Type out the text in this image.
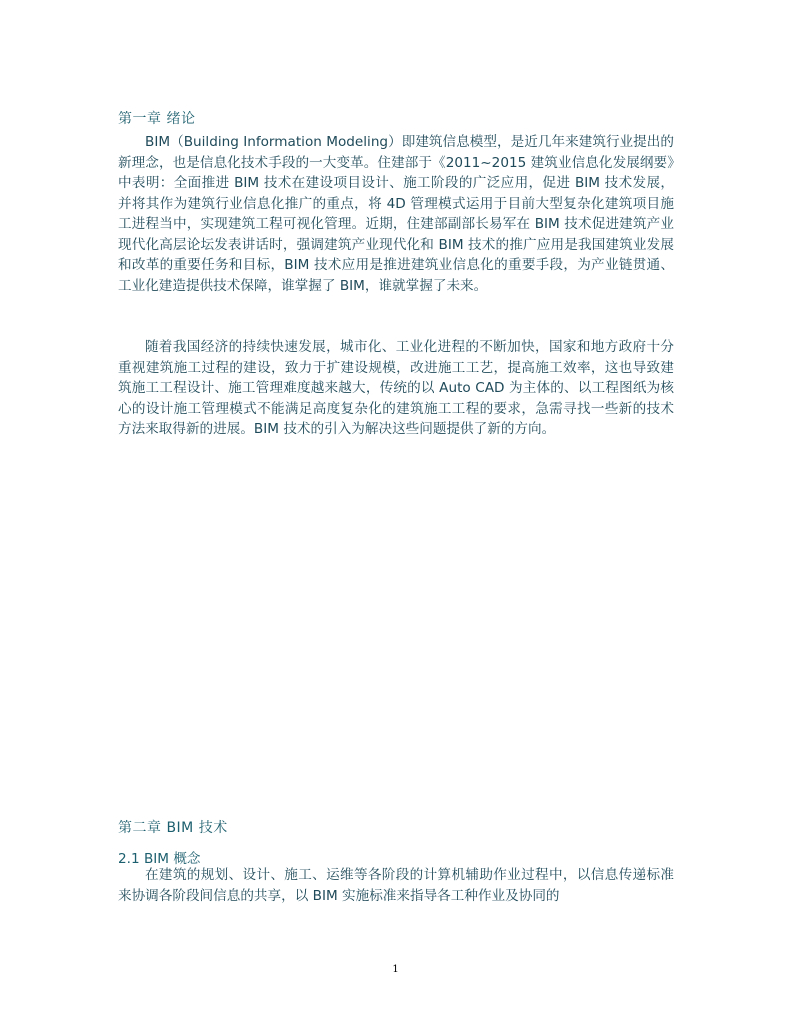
第一章 绪论

BIM（Building Information Modeling）即建筑信息模型，是近几年来建筑行业提出的新理念，也是信息化技术手段的一大变革。住建部于《2011~2015 建筑业信息化发展纲要》中表明：全面推进 BIM 技术在建设项目设计、施工阶段的广泛应用，促进 BIM 技术发展，并将其作为建筑行业信息化推广的重点，将 4D 管理模式运用于目前大型复杂化建筑项目施工进程当中，实现建筑工程可视化管理。近期，住建部副部长易军在 BIM 技术促进建筑产业现代化高层论坛发表讲话时，强调建筑产业现代化和 BIM 技术的推广应用是我国建筑业发展和改革的重要任务和目标，BIM 技术应用是推进建筑业信息化的重要手段，为产业链贯通、工业化建造提供技术保障，谁掌握了 BIM，谁就掌握了未来。

随着我国经济的持续快速发展，城市化、工业化进程的不断加快，国家和地方政府十分重视建筑施工过程的建设，致力于扩建设规模，改进施工工艺，提高施工效率，这也导致建筑施工工程设计、施工管理难度越来越大，传统的以 Auto CAD 为主体的、以工程图纸为核心的设计施工管理模式不能满足高度复杂化的建筑施工工程的要求，急需寻找一些新的技术方法来取得新的进展。BIM 技术的引入为解决这些问题提供了新的方向。

第二章 BIM 技术
2.1 BIM 概念

在建筑的规划、设计、施工、运维等各阶段的计算机辅助作业过程中，以信息传递标准来协调各阶段间信息的共享，以 BIM 实施标准来指导各工种作业及协同的

1
